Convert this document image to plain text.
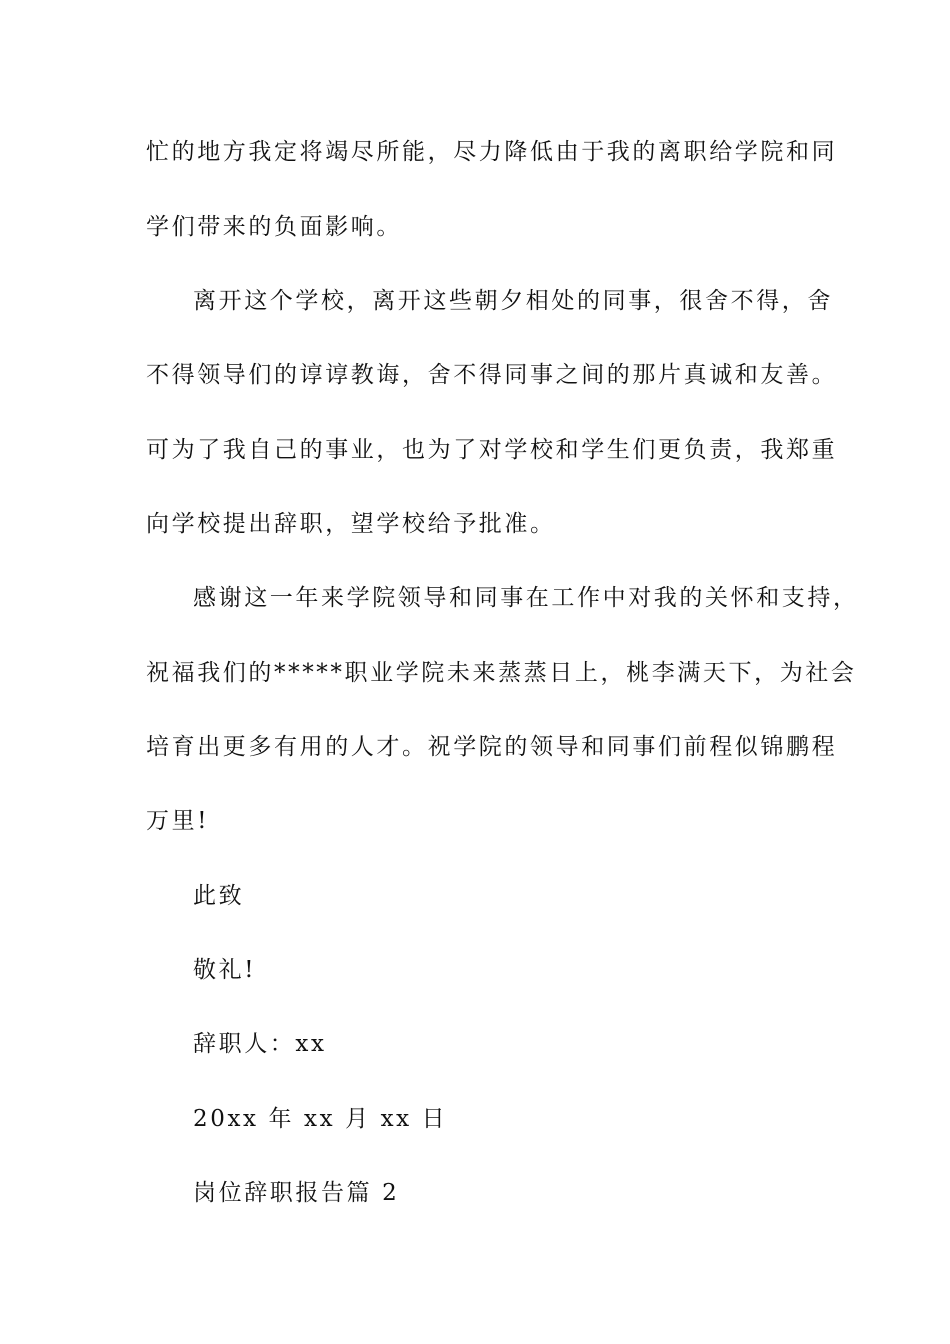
忙的地方我定将竭尽所能，尽力降低由于我的离职给学院和同
学们带来的负面影响。
离开这个学校，离开这些朝夕相处的同事，很舍不得，舍
不得领导们的谆谆教诲，舍不得同事之间的那片真诚和友善。
可为了我自己的事业，也为了对学校和学生们更负责，我郑重
向学校提出辞职，望学校给予批准。
感谢这一年来学院领导和同事在工作中对我的关怀和支持，
祝福我们的*****职业学院未来蒸蒸日上，桃李满天下，为社会
培育出更多有用的人才。祝学院的领导和同事们前程似锦鹏程
万里!
此致
敬礼!
辞职人：xx
20xx 年 xx 月 xx 日
岗位辞职报告篇 2
